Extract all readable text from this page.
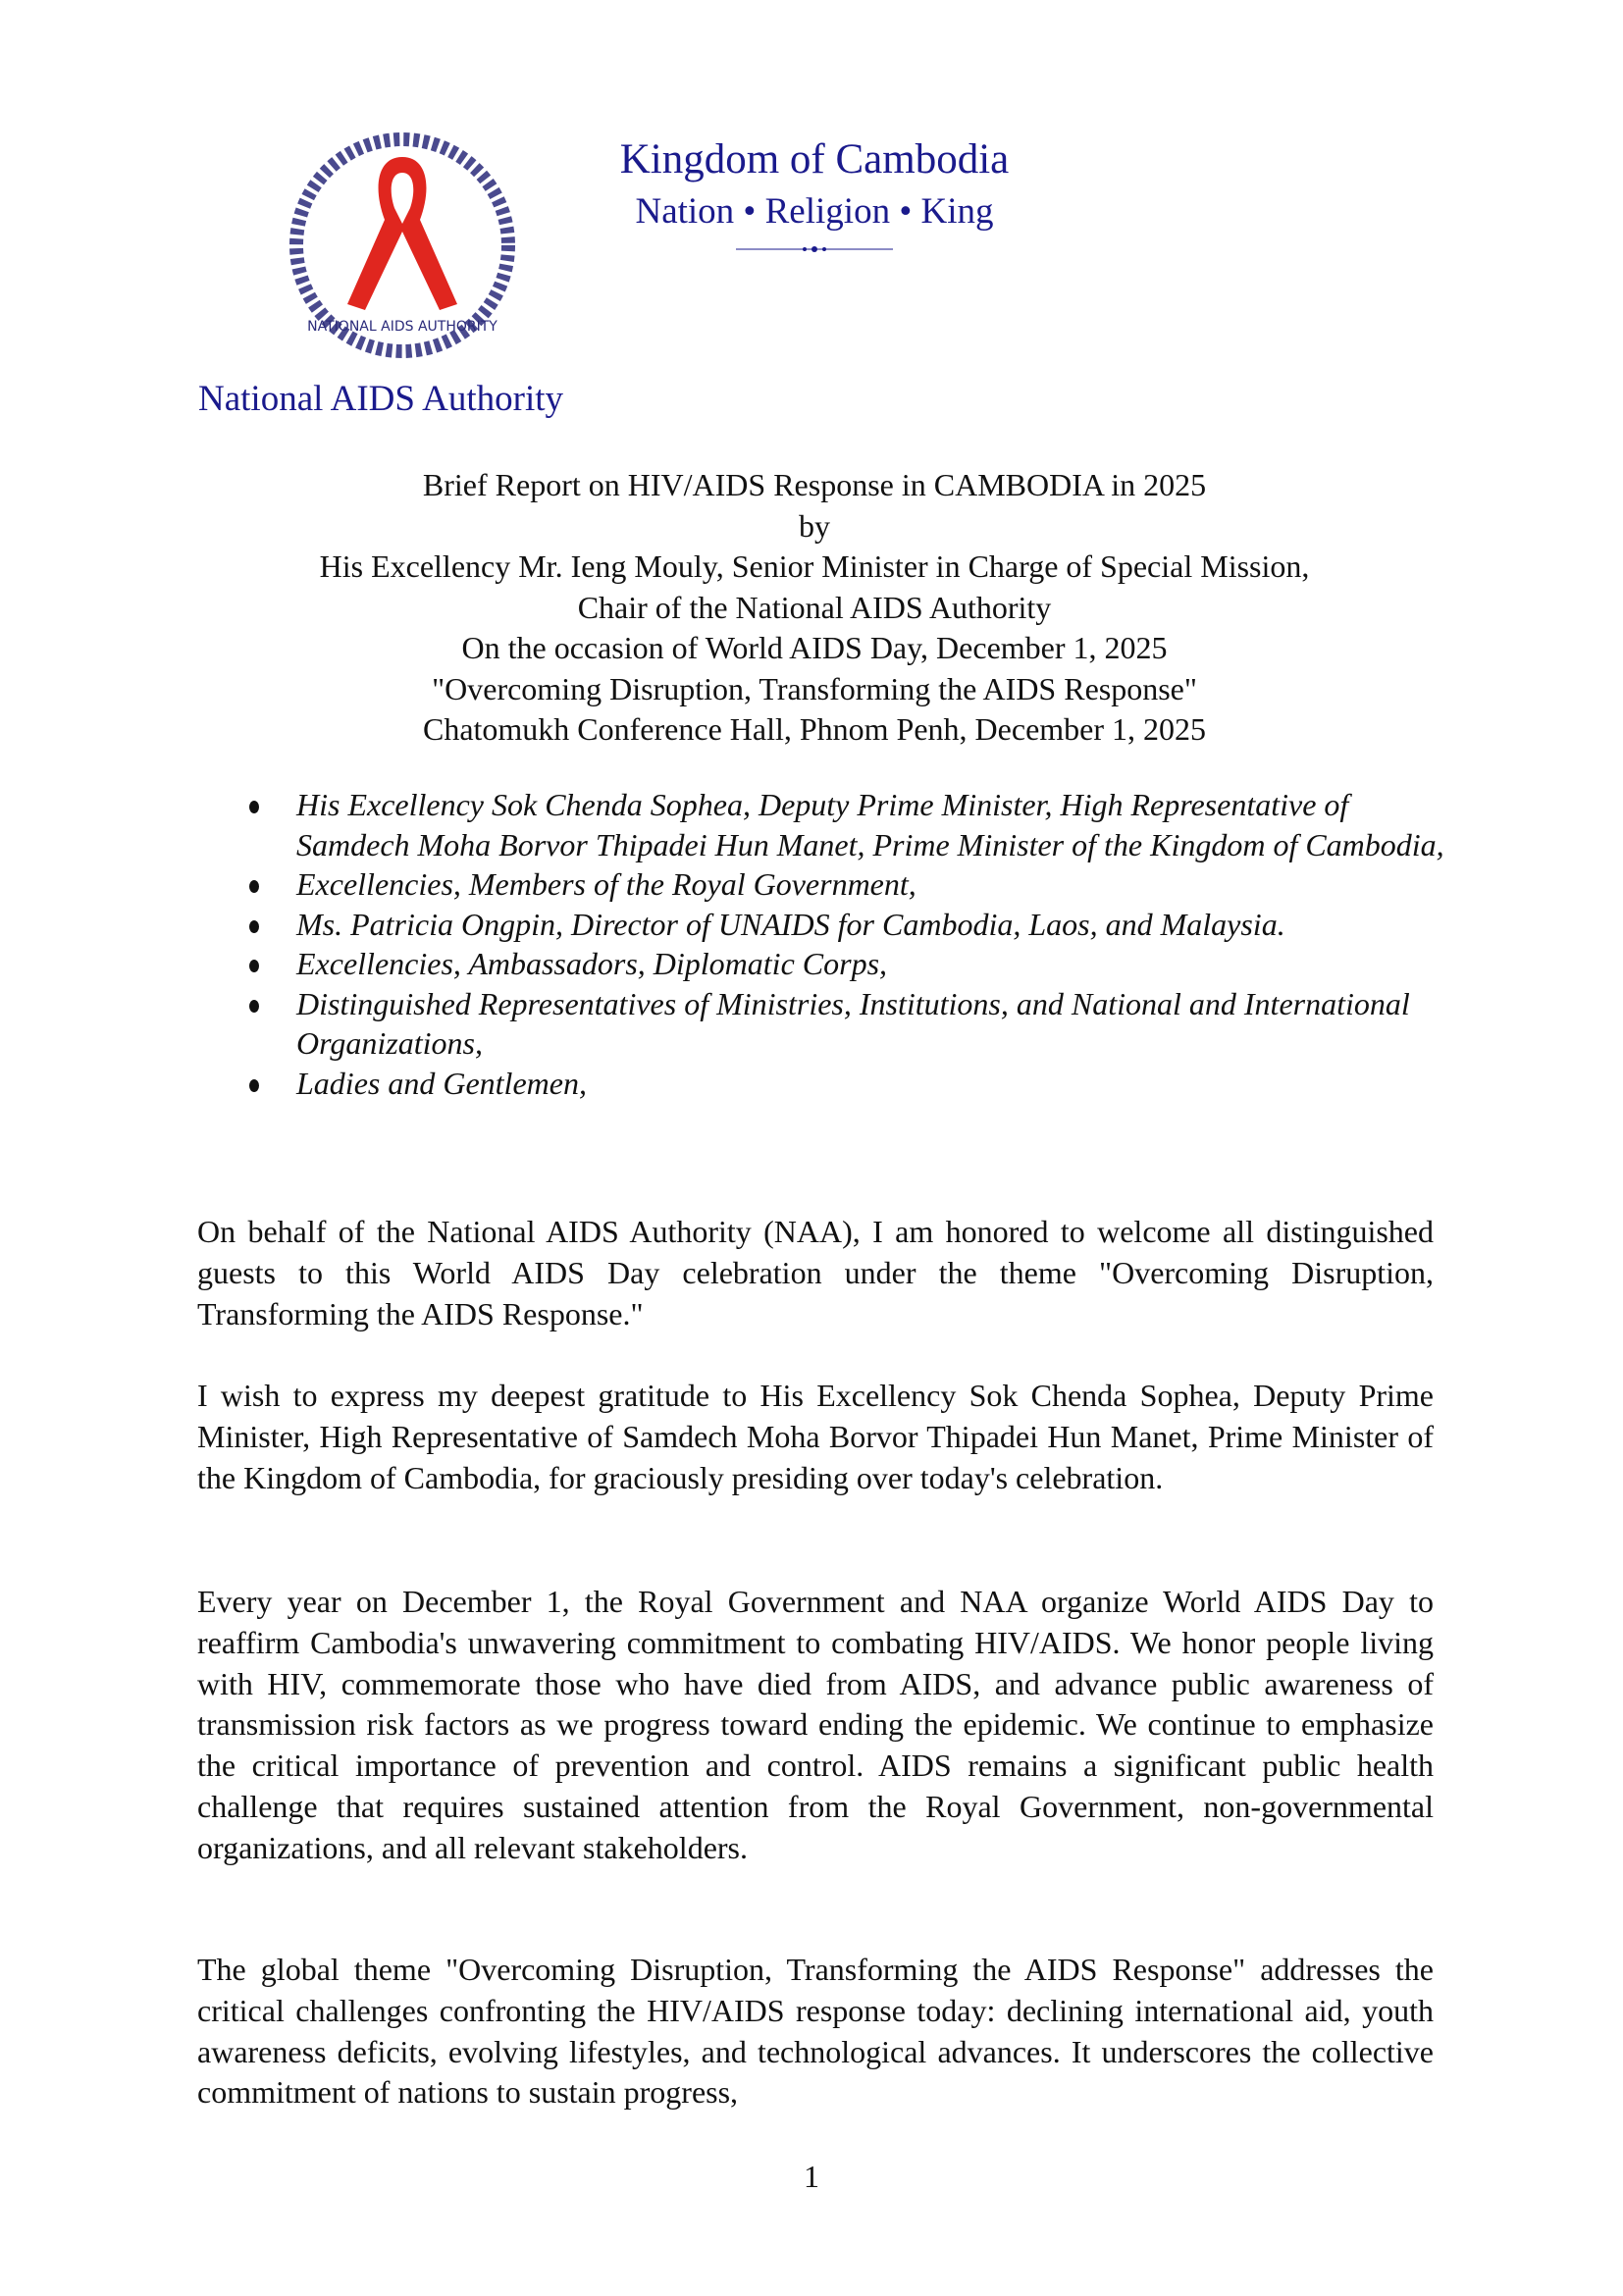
NATIONAL AIDS AUTHORITY
Kingdom of Cambodia
Nation • Religion • King
National AIDS Authority
Brief Report on HIV/AIDS Response in CAMBODIA in 2025
by
His Excellency Mr. Ieng Mouly, Senior Minister in Charge of Special Mission,
Chair of the National AIDS Authority
On the occasion of World AIDS Day, December 1, 2025
"Overcoming Disruption, Transforming the AIDS Response"
Chatomukh Conference Hall, Phnom Penh, December 1, 2025
His Excellency Sok Chenda Sophea, Deputy Prime Minister, High Representative of Samdech Moha Borvor Thipadei Hun Manet, Prime Minister of the Kingdom of Cambodia,
Excellencies, Members of the Royal Government,
Ms. Patricia Ongpin, Director of UNAIDS for Cambodia, Laos, and Malaysia.
Excellencies, Ambassadors, Diplomatic Corps,
Distinguished Representatives of Ministries, Institutions, and National and International Organizations,
Ladies and Gentlemen,

On behalf of the National AIDS Authority (NAA), I am honored to welcome all distinguished guests to this World AIDS Day celebration under the theme "Overcoming Disruption, Transforming the AIDS Response."

I wish to express my deepest gratitude to His Excellency Sok Chenda Sophea, Deputy Prime Minister, High Representative of Samdech Moha Borvor Thipadei Hun Manet, Prime Minister of the Kingdom of Cambodia, for graciously presiding over today's celebration.

Every year on December 1, the Royal Government and NAA organize World AIDS Day to reaffirm Cambodia's unwavering commitment to combating HIV/AIDS. We honor people living with HIV, commemorate those who have died from AIDS, and advance public awareness of transmission risk factors as we progress toward ending the epidemic. We continue to emphasize the critical importance of prevention and control. AIDS remains a significant public health challenge that requires sustained attention from the Royal Government, non-governmental organizations, and all relevant stakeholders.

The global theme "Overcoming Disruption, Transforming the AIDS Response" addresses the critical challenges confronting the HIV/AIDS response today: declining international aid, youth awareness deficits, evolving lifestyles, and technological advances. It underscores the collective commitment of nations to sustain progress,

1
